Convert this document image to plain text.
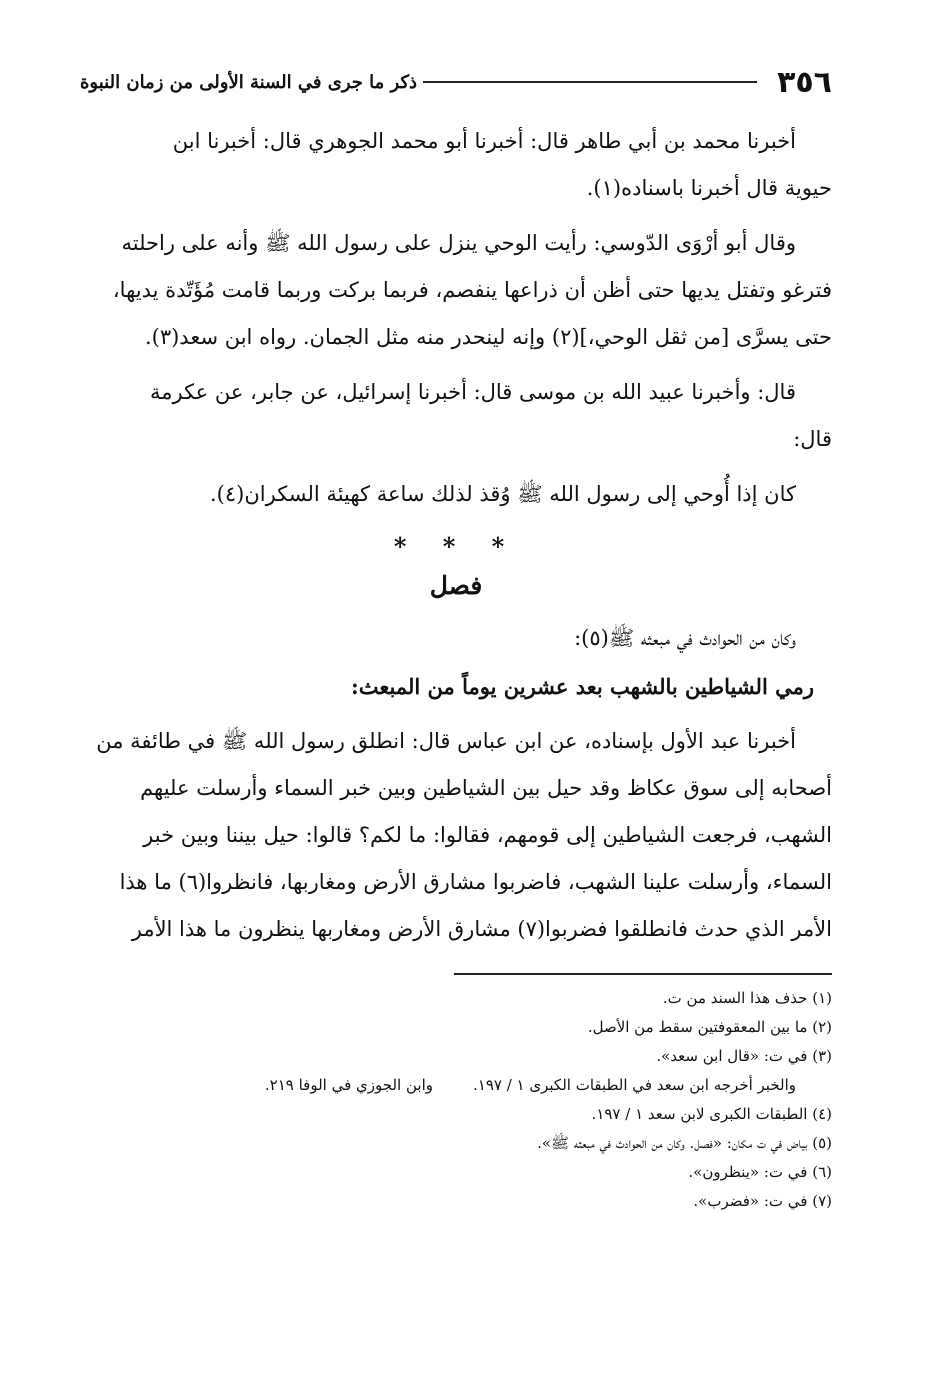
٣٥٦
ذكر ما جرى في السنة الأولى من زمان النبوة

أخبرنا محمد بن أبي طاهر قال: أخبرنا أبو محمد الجوهري قال: أخبرنا ابن

حيوية قال أخبرنا باسناده(١).

وقال أبو أرْوَى الدّوسي: رأيت الوحي ينزل على رسول الله ﷺ وأنه على راحلته

فترغو وتفتل يديها حتى أظن أن ذراعها ينفصم، فربما بركت وربما قامت مُؤَتّدة يديها،

حتى يسرَّى [من ثقل الوحي،](٢) وإنه لينحدر منه مثل الجمان. رواه ابن سعد(٣).

قال: وأخبرنا عبيد الله بن موسى قال: أخبرنا إسرائيل، عن جابر، عن عكرمة

قال:

كان إذا أُوحي إلى رسول الله ﷺ وُقذ لذلك ساعة كهيئة السكران(٤).

* * *
فصل

وكان من الحوادث في مبعثه ﷺ(٥):

رمي الشياطين بالشهب بعد عشرين يوماً من المبعث:

أخبرنا عبد الأول بإسناده، عن ابن عباس قال: انطلق رسول الله ﷺ في طائفة من

أصحابه إلى سوق عكاظ وقد حيل بين الشياطين وبين خبر السماء وأرسلت عليهم

الشهب، فرجعت الشياطين إلى قومهم، فقالوا: ما لكم؟ قالوا: حيل بيننا وبين خبر

السماء، وأرسلت علينا الشهب، فاضربوا مشارق الأرض ومغاربها، فانظروا(٦) ما هذا

الأمر الذي حدث فانطلقوا فضربوا(٧) مشارق الأرض ومغاربها ينظرون ما هذا الأمر

(١) حذف هذا السند من ت.

(٢) ما بين المعقوفتين سقط من الأصل.

(٣) في ت: «قال ابن سعد».

والخبر أخرجه ابن سعد في الطبقات الكبرى ١ / ١٩٧.وابن الجوزي في الوفا ٢١٩.

(٤) الطبقات الكبرى لابن سعد ١ / ١٩٧.

(٥) بياض في ت مكان: «فصل. وكان من الحوادث في مبعثه ﷺ».

(٦) في ت: «ينظرون».

(٧) في ت: «فضرب».
